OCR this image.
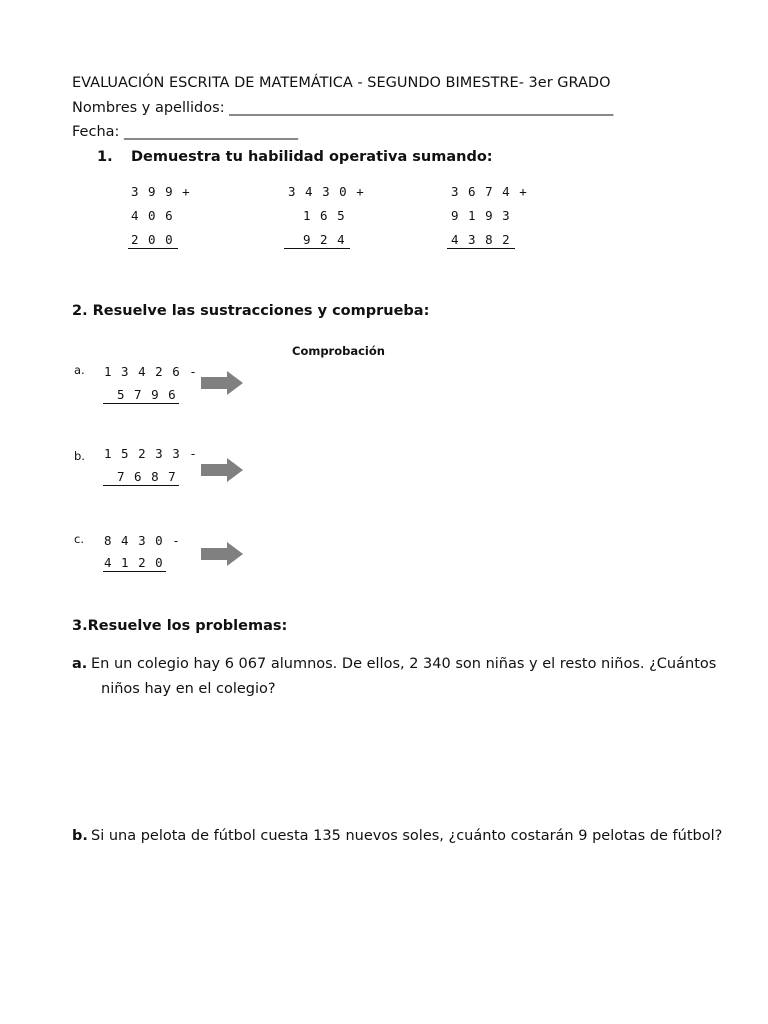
EVALUACIÓN ESCRITA DE MATEMÁTICA - SEGUNDO BIMESTRE- 3er GRADO
Nombres y apellidos: _____________________________________________________
Fecha: ________________________
1. Demuestra tu habilidad operativa sumando:
3 9 9 +
4 0 6
2 0 0
3 4 3 0 +
1 6 5
9 2 4
3 6 7 4 +
9 1 9 3
4 3 8 2
2. Resuelve las sustracciones y comprueba:
Comprobación
a. 1 3 4 2 6 -
5 7 9 6
b. 1 5 2 3 3 -
7 6 8 7
c. 8 4 3 0 -
4 1 2 0
3.Resuelve los problemas:
a. En un colegio hay 6 067 alumnos. De ellos, 2 340 son niñas y el resto niños. ¿Cuántos
niños hay en el colegio?
b. Si una pelota de fútbol cuesta 135 nuevos soles, ¿cuánto costarán 9 pelotas de fútbol?
